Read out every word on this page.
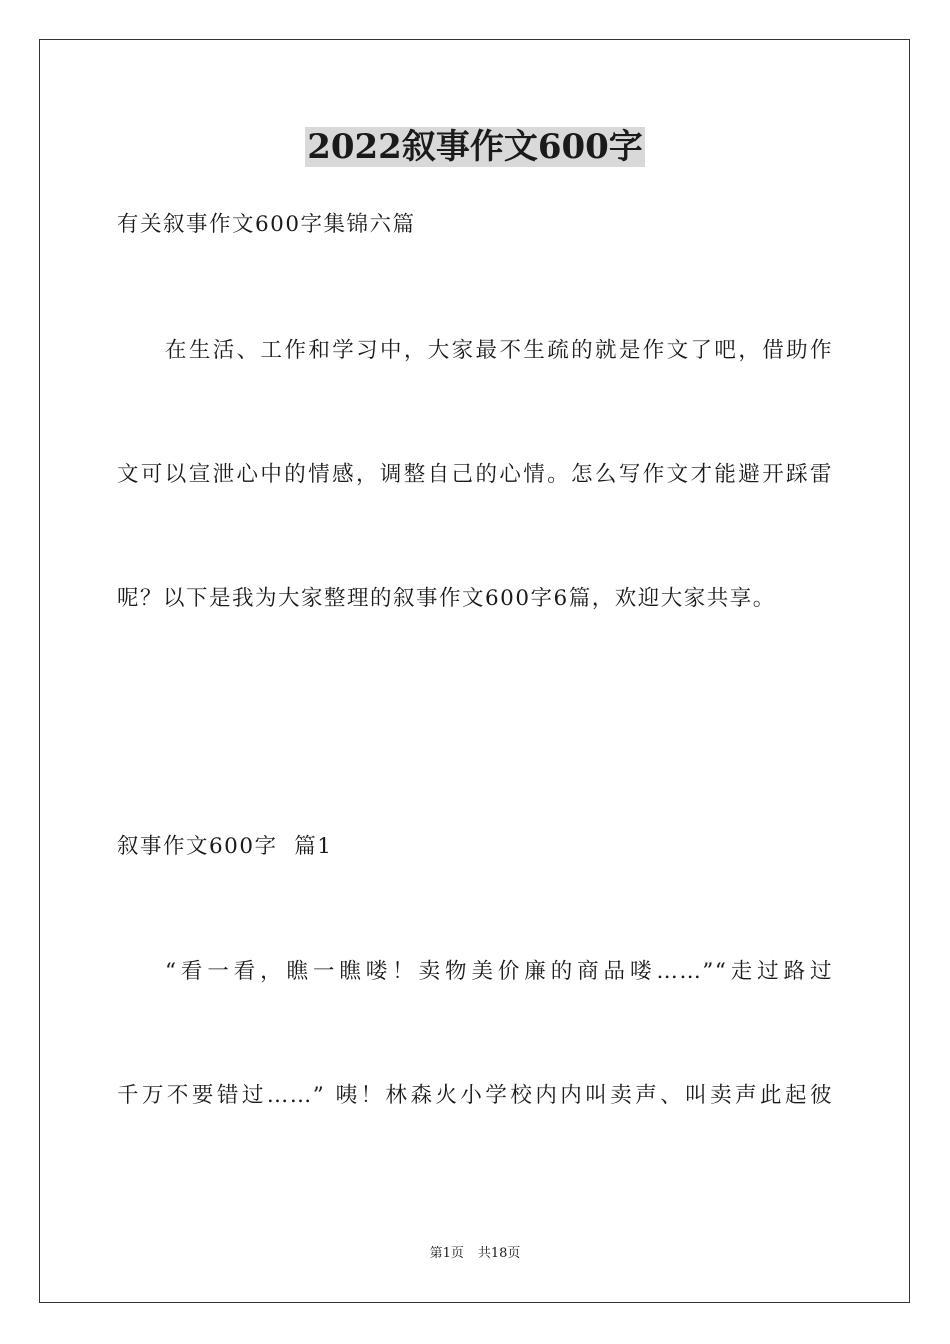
2022叙事作文600字
有关叙事作文600字集锦六篇
在生活、工作和学习中，大家最不生疏的就是作文了吧，借助作
文可以宣泄心中的情感，调整自己的心情。怎么写作文才能避开踩雷
呢？以下是我为大家整理的叙事作文600字6篇，欢迎大家共享。
叙事作文600字  篇1
“看一看，瞧一瞧喽！卖物美价廉的商品喽……”“走过路过
千万不要错过……” 咦！林森火小学校内内叫卖声、叫卖声此起彼
第1页 共18页
